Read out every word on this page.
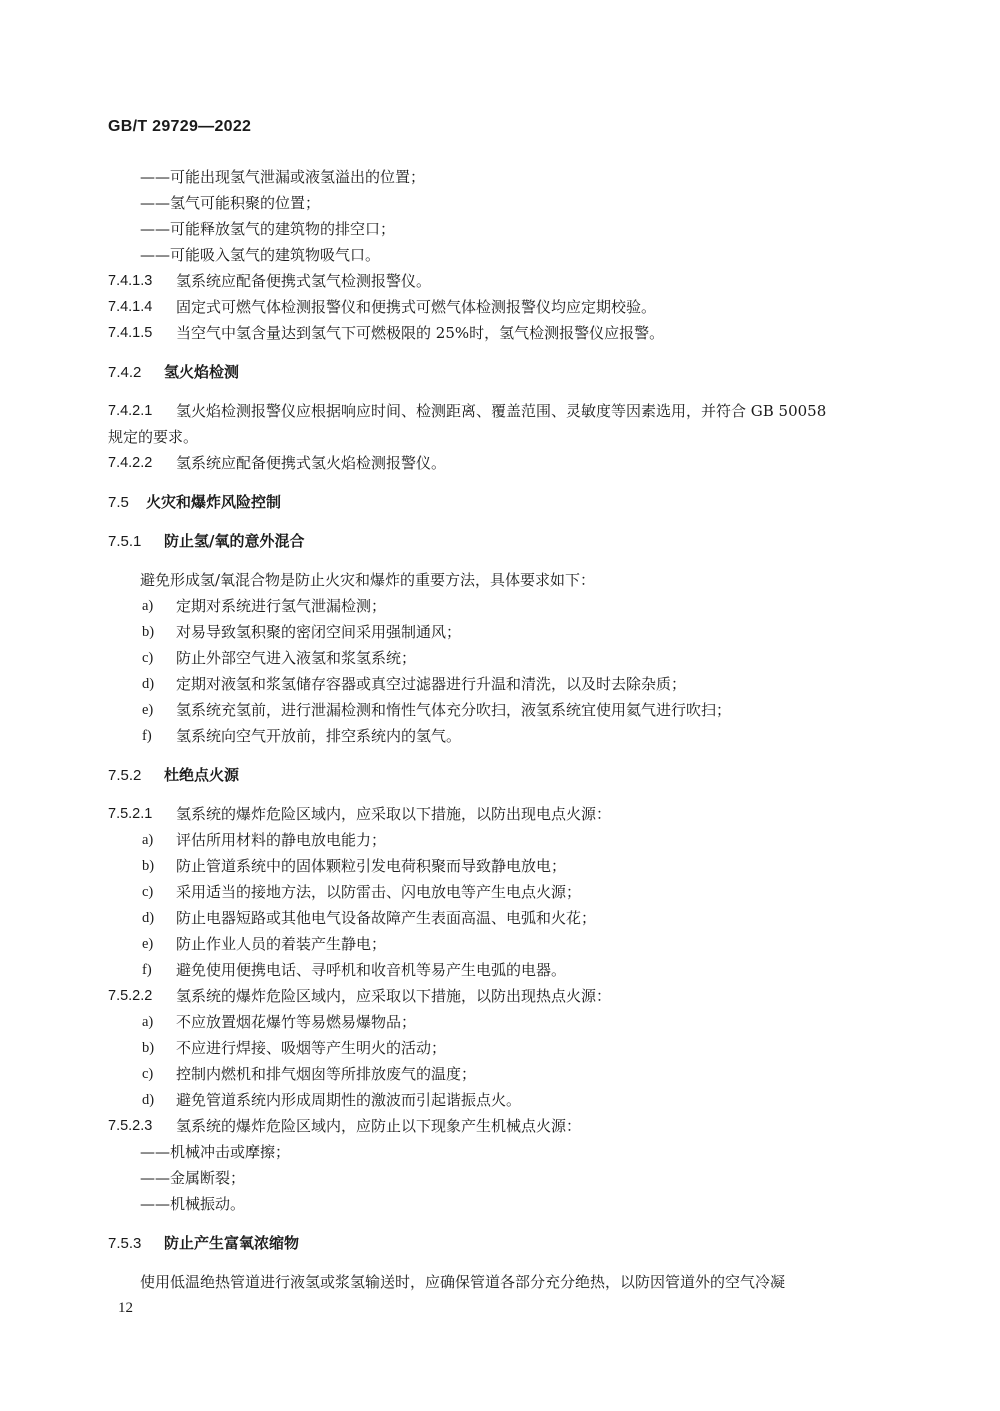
GB/T 29729—2022
——可能出现氢气泄漏或液氢溢出的位置；
——氢气可能积聚的位置；
——可能释放氢气的建筑物的排空口；
——可能吸入氢气的建筑物吸气口。
7.4.1.3 氢系统应配备便携式氢气检测报警仪。
7.4.1.4 固定式可燃气体检测报警仪和便携式可燃气体检测报警仪均应定期校验。
7.4.1.5 当空气中氢含量达到氢气下可燃极限的 25%时，氢气检测报警仪应报警。
7.4.2 氢火焰检测
7.4.2.1 氢火焰检测报警仪应根据响应时间、检测距离、覆盖范围、灵敏度等因素选用，并符合 GB 50058
规定的要求。
7.4.2.2 氢系统应配备便携式氢火焰检测报警仪。
7.5 火灾和爆炸风险控制
7.5.1 防止氢/氧的意外混合
避免形成氢/氧混合物是防止火灾和爆炸的重要方法，具体要求如下：
a) 定期对系统进行氢气泄漏检测；
b) 对易导致氢积聚的密闭空间采用强制通风；
c) 防止外部空气进入液氢和浆氢系统；
d) 定期对液氢和浆氢储存容器或真空过滤器进行升温和清洗，以及时去除杂质；
e) 氢系统充氢前，进行泄漏检测和惰性气体充分吹扫，液氢系统宜使用氦气进行吹扫；
f) 氢系统向空气开放前，排空系统内的氢气。
7.5.2 杜绝点火源
7.5.2.1 氢系统的爆炸危险区域内，应采取以下措施，以防出现电点火源：
a) 评估所用材料的静电放电能力；
b) 防止管道系统中的固体颗粒引发电荷积聚而导致静电放电；
c) 采用适当的接地方法，以防雷击、闪电放电等产生电点火源；
d) 防止电器短路或其他电气设备故障产生表面高温、电弧和火花；
e) 防止作业人员的着装产生静电；
f) 避免使用便携电话、寻呼机和收音机等易产生电弧的电器。
7.5.2.2 氢系统的爆炸危险区域内，应采取以下措施，以防出现热点火源：
a) 不应放置烟花爆竹等易燃易爆物品；
b) 不应进行焊接、吸烟等产生明火的活动；
c) 控制内燃机和排气烟囱等所排放废气的温度；
d) 避免管道系统内形成周期性的激波而引起谐振点火。
7.5.2.3 氢系统的爆炸危险区域内，应防止以下现象产生机械点火源：
——机械冲击或摩擦；
——金属断裂；
——机械振动。
7.5.3 防止产生富氧浓缩物
使用低温绝热管道进行液氢或浆氢输送时，应确保管道各部分充分绝热，以防因管道外的空气冷凝
12
